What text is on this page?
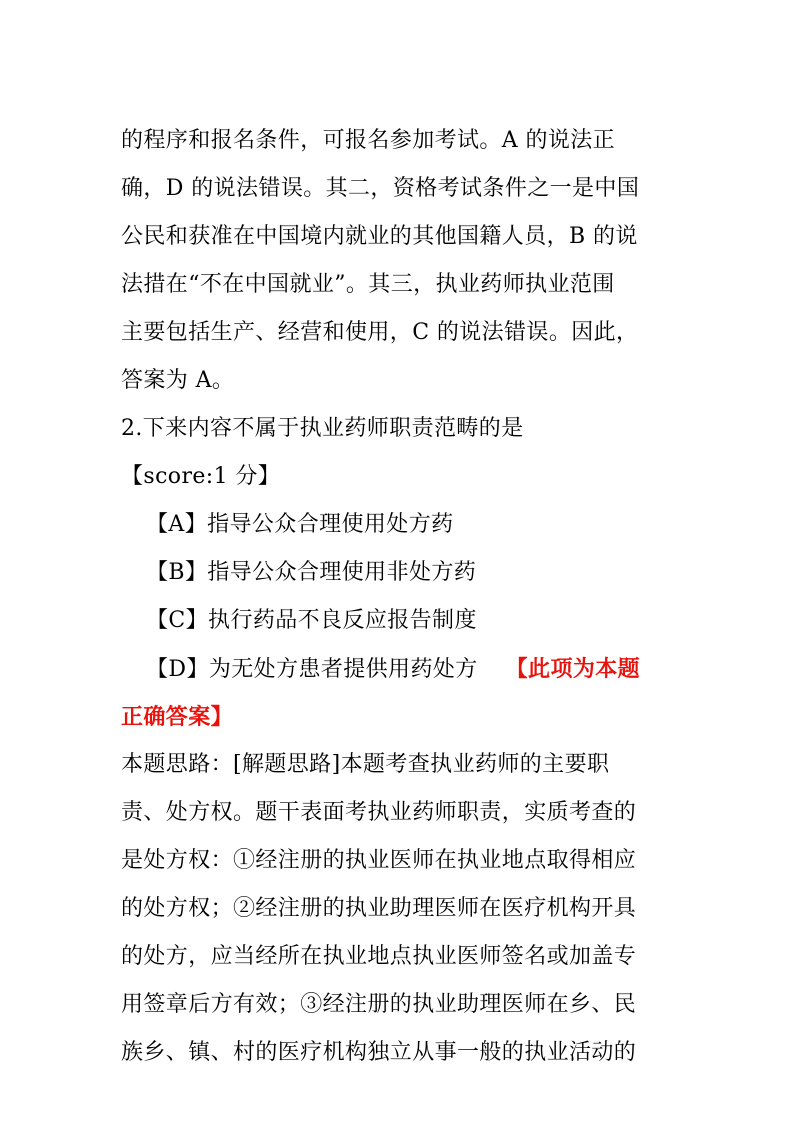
的程序和报名条件，可报名参加考试。A 的说法正
确，D 的说法错误。其二，资格考试条件之一是中国
公民和获准在中国境内就业的其他国籍人员，B 的说
法措在“不在中国就业”。其三，执业药师执业范围
主要包括生产、经营和使用，C 的说法错误。因此，
答案为 A。
2.下来内容不属于执业药师职责范畴的是
【score:1 分】
【A】指导公众合理使用处方药
【B】指导公众合理使用非处方药
【C】执行药品不良反应报告制度
【D】为无处方患者提供用药处方 【此项为本题
正确答案】
本题思路：[解题思路]本题考查执业药师的主要职
责、处方权。题干表面考执业药师职责，实质考查的
是处方权：①经注册的执业医师在执业地点取得相应
的处方权；②经注册的执业助理医师在医疗机构开具
的处方，应当经所在执业地点执业医师签名或加盖专
用签章后方有效；③经注册的执业助理医师在乡、民
族乡、镇、村的医疗机构独立从事一般的执业活动的
